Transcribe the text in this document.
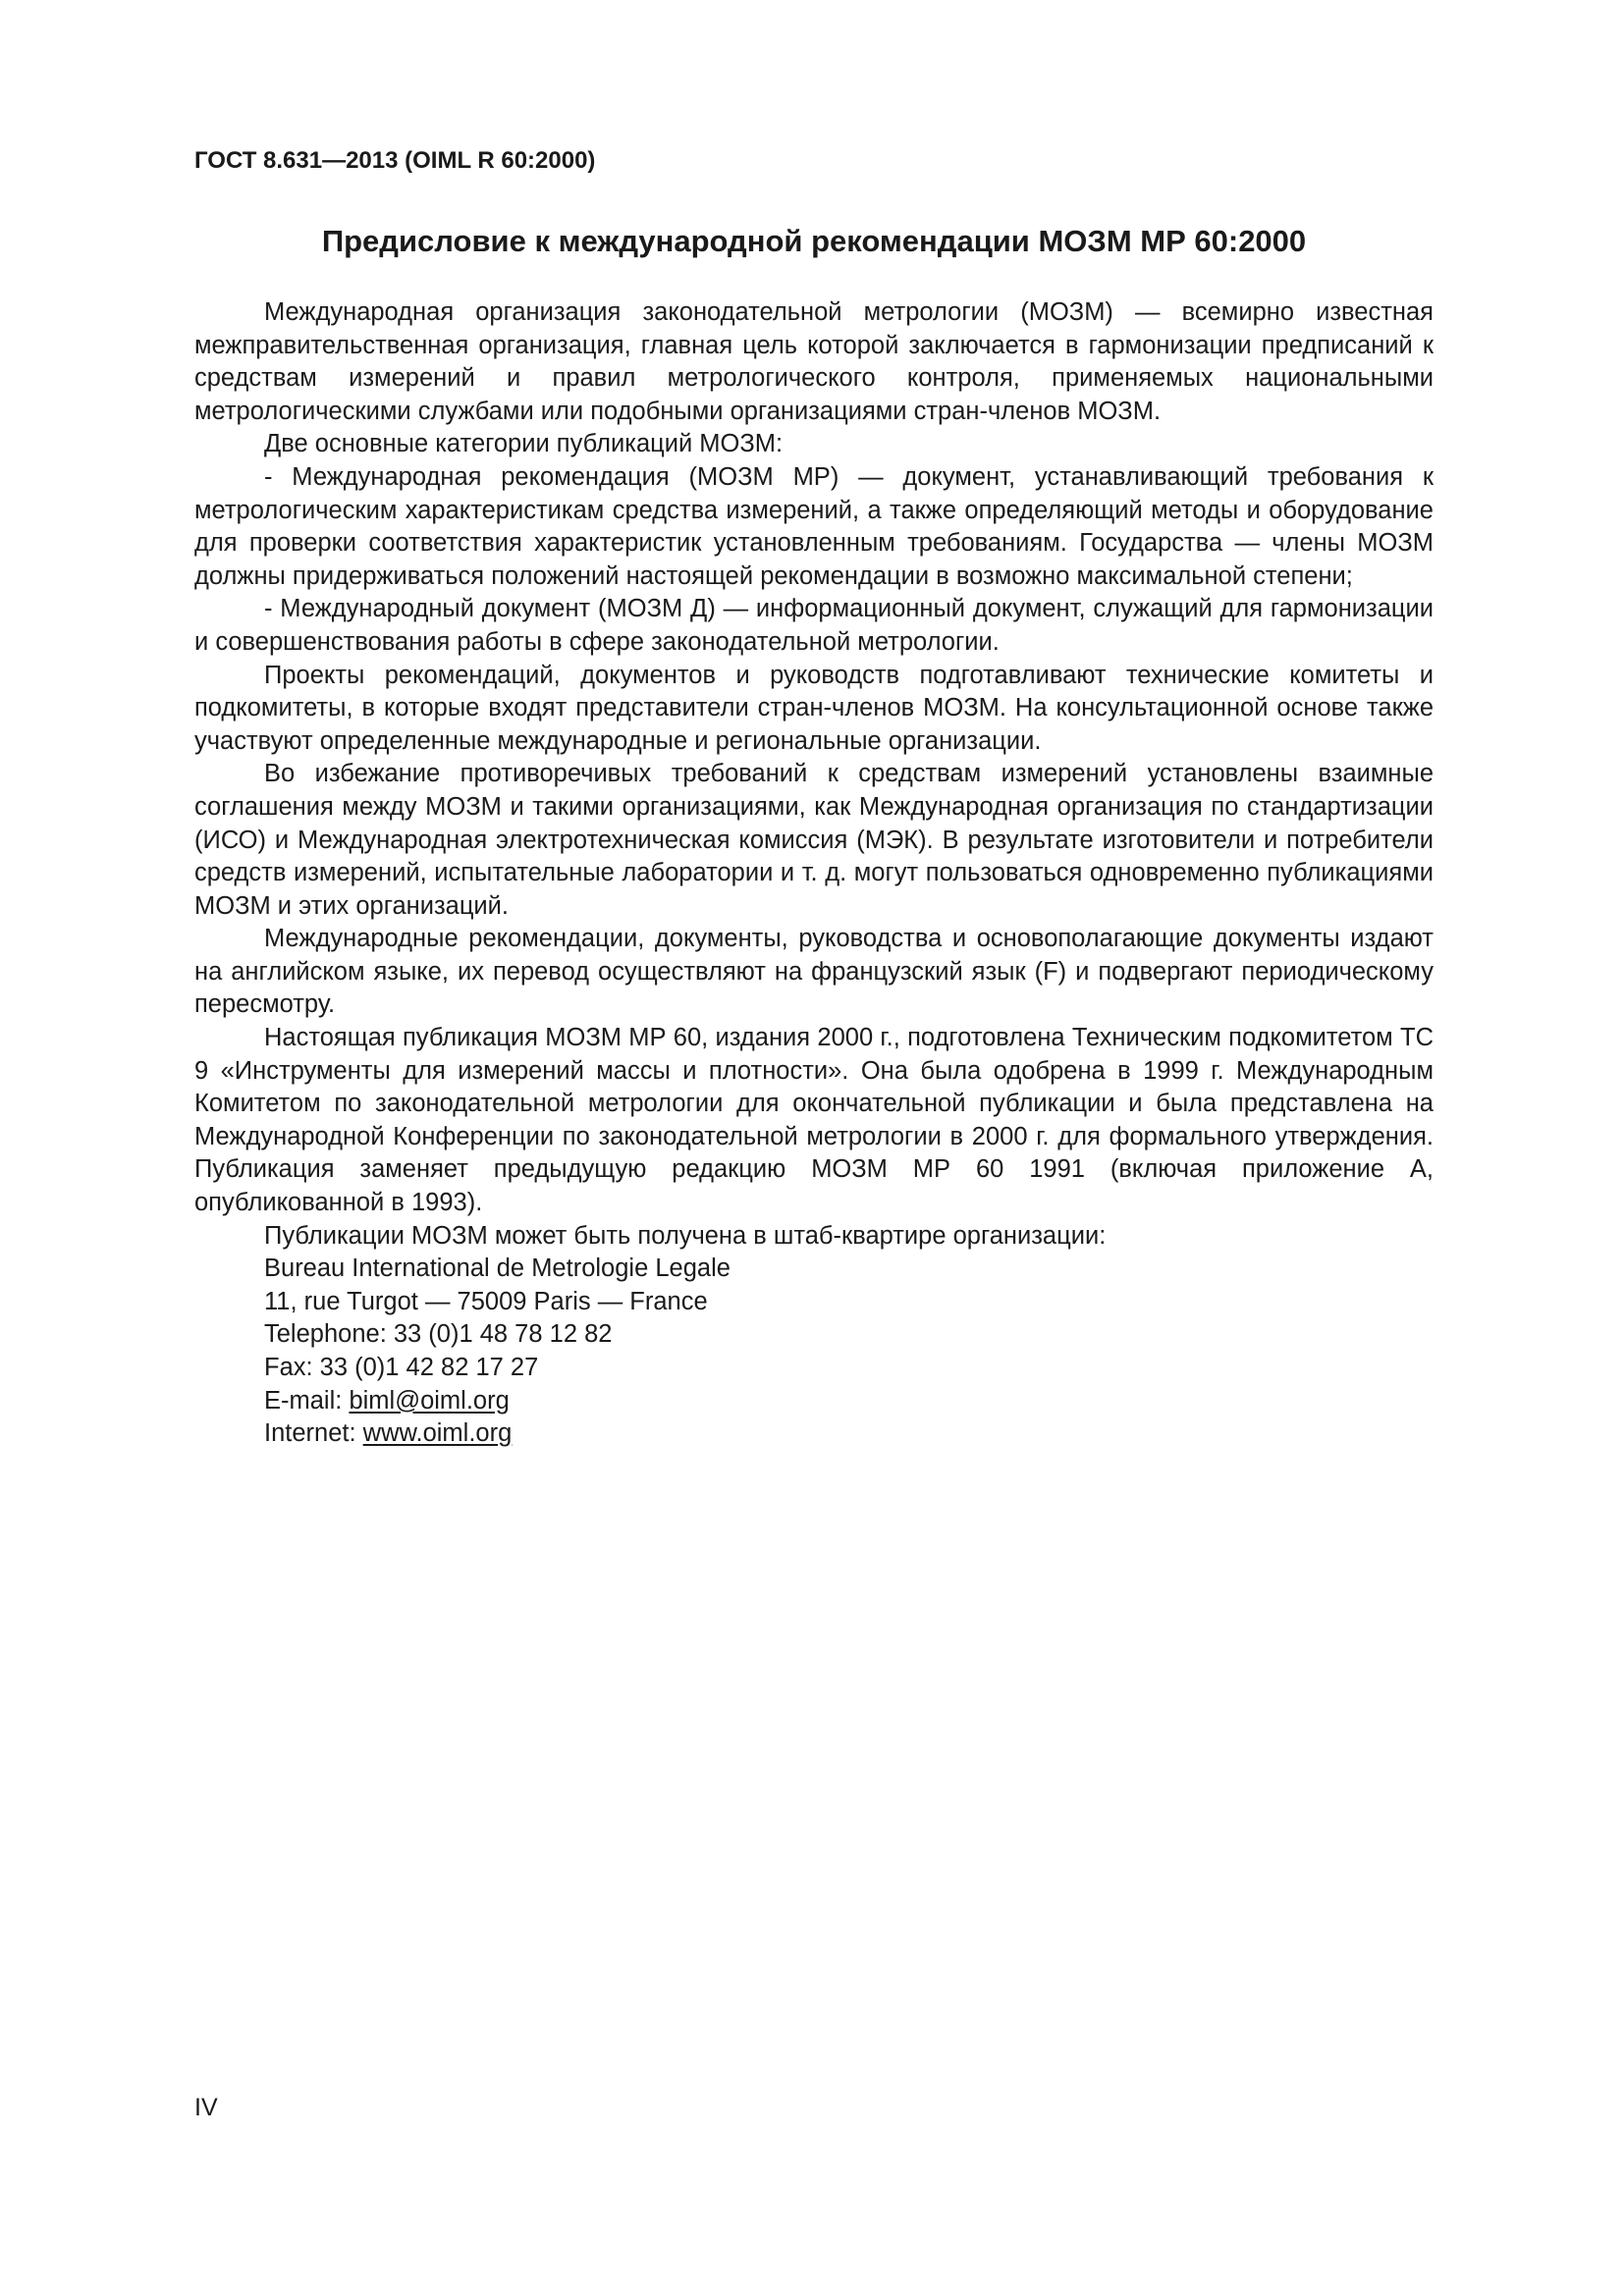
ГОСТ 8.631—2013 (OIML R 60:2000)
Предисловие к международной рекомендации МОЗМ МР 60:2000

Международная организация законодательной метрологии (МОЗМ) — всемирно известная межправительственная организация, главная цель которой заключается в гармонизации предписаний к средствам измерений и правил метрологического контроля, применяемых национальными метрологическими службами или подобными организациями стран-членов МОЗМ.

Две основные категории публикаций МОЗМ:

- Международная рекомендация (МОЗМ МР) — документ, устанавливающий требования к метрологическим характеристикам средства измерений, а также определяющий методы и оборудование для проверки соответствия характеристик установленным требованиям. Государства — члены МОЗМ должны придерживаться положений настоящей рекомендации в возможно максимальной степени;

- Международный документ (МОЗМ Д) — информационный документ, служащий для гармонизации и совершенствования работы в сфере законодательной метрологии.

Проекты рекомендаций, документов и руководств подготавливают технические комитеты и подкомитеты, в которые входят представители стран-членов МОЗМ. На консультационной основе также участвуют определенные международные и региональные организации.

Во избежание противоречивых требований к средствам измерений установлены взаимные соглашения между МОЗМ и такими организациями, как Международная организация по стандартизации (ИСО) и Международная электротехническая комиссия (МЭК). В результате изготовители и потребители средств измерений, испытательные лаборатории и т. д. могут пользоваться одновременно публикациями МОЗМ и этих организаций.

Международные рекомендации, документы, руководства и основополагающие документы издают на английском языке, их перевод осуществляют на французский язык (F) и подвергают периодическому пересмотру.

Настоящая публикация МОЗМ МР 60, издания 2000 г., подготовлена Техническим подкомитетом ТС 9 «Инструменты для измерений массы и плотности». Она была одобрена в 1999 г. Международным Комитетом по законодательной метрологии для окончательной публикации и была представлена на Международной Конференции по законодательной метрологии в 2000 г. для формального утверждения. Публикация заменяет предыдущую редакцию МОЗМ МР 60 1991 (включая приложение А, опубликованной в 1993).

Публикации МОЗМ может быть получена в штаб-квартире организации:

Bureau International de Metrologie Legale
11, rue Turgot — 75009 Paris — France
Telephone: 33 (0)1 48 78 12 82
Fax: 33 (0)1 42 82 17 27
E-mail: biml@oiml.org
Internet: www.oiml.org
IV
